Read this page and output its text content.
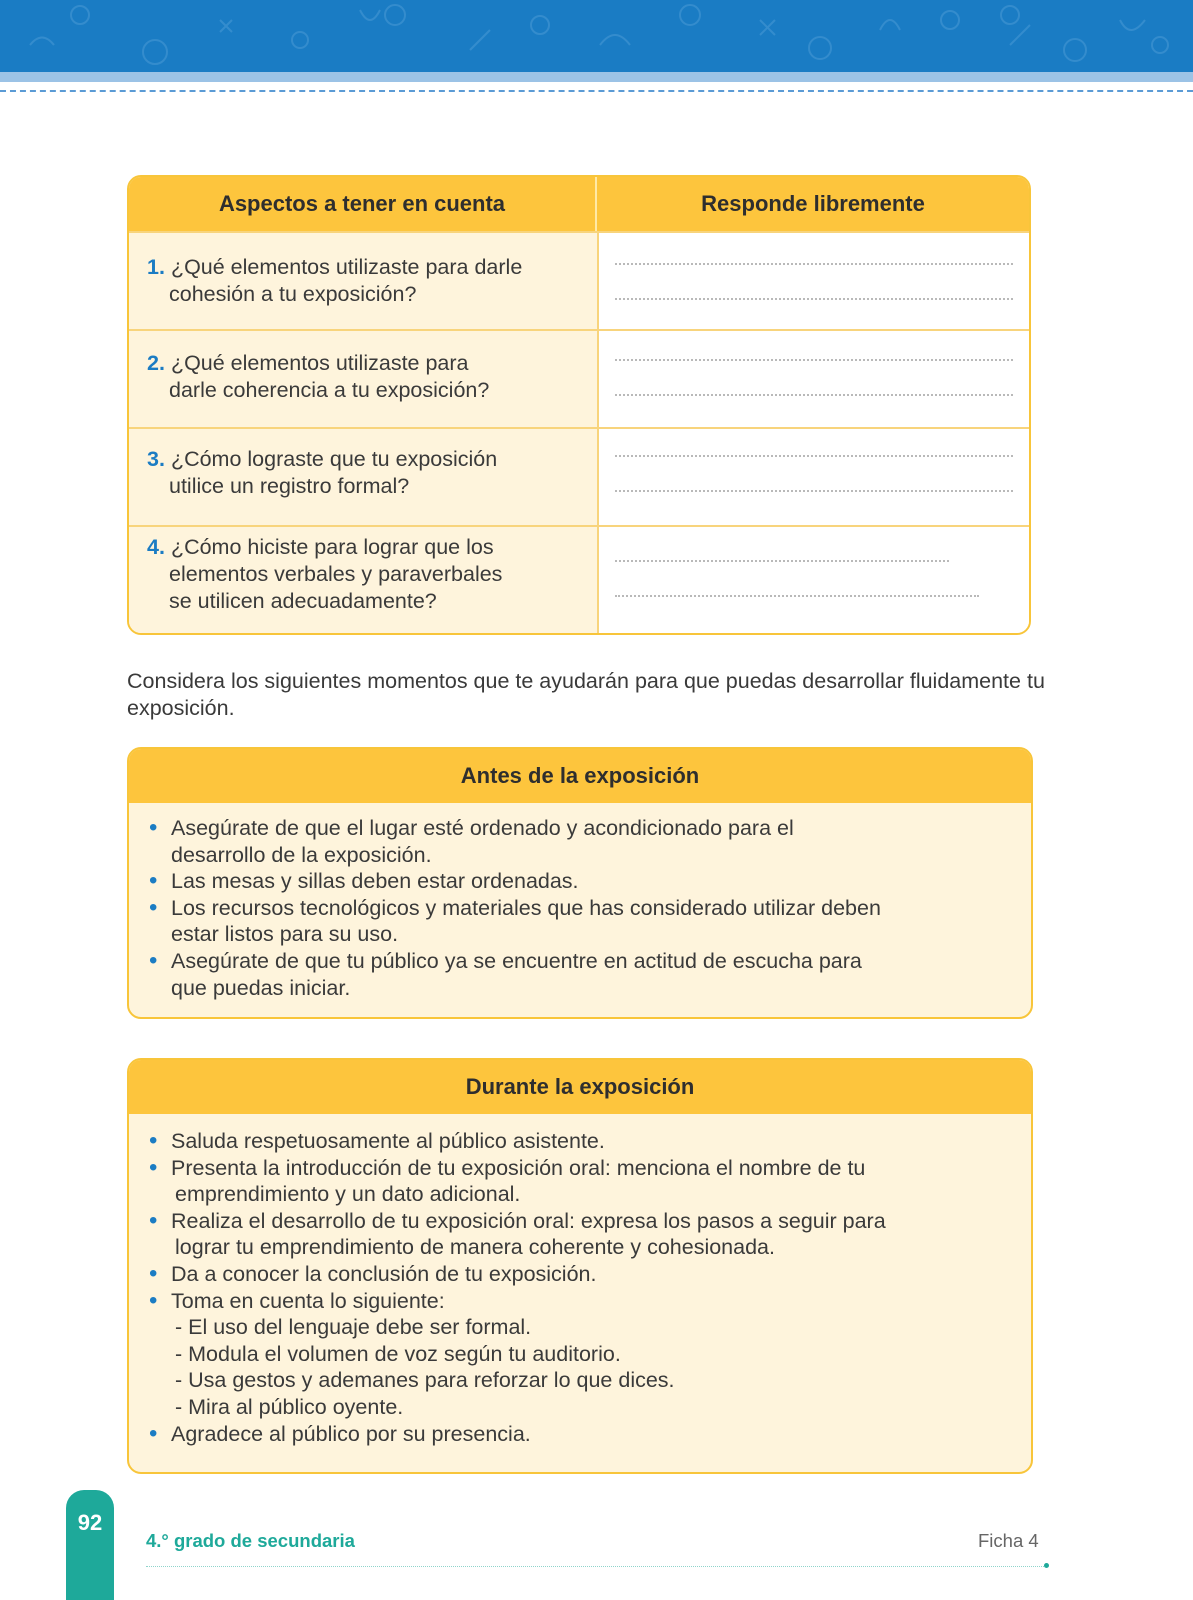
Aspectos a tener en cuenta	Responde libremente
1. ¿Qué elementos utilizaste para darle
cohesión a tu exposición?
2. ¿Qué elementos utilizaste para
darle coherencia a tu exposición?
3. ¿Cómo lograste que tu exposición
utilice un registro formal?
4. ¿Cómo hiciste para lograr que los
elementos verbales y paraverbales
se utilicen adecuadamente?
Considera los siguientes momentos que te ayudarán para que puedas desarrollar fluidamente tu exposición.
Antes de la exposición
• Asegúrate de que el lugar esté ordenado y acondicionado para el
desarrollo de la exposición.
• Las mesas y sillas deben estar ordenadas.
• Los recursos tecnológicos y materiales que has considerado utilizar deben
estar listos para su uso.
• Asegúrate de que tu público ya se encuentre en actitud de escucha para
que puedas iniciar.
Durante la exposición
• Saluda respetuosamente al público asistente.
• Presenta la introducción de tu exposición oral: menciona el nombre de tu
emprendimiento y un dato adicional.
• Realiza el desarrollo de tu exposición oral: expresa los pasos a seguir para
lograr tu emprendimiento de manera coherente y cohesionada.
• Da a conocer la conclusión de tu exposición.
• Toma en cuenta lo siguiente:
- El uso del lenguaje debe ser formal.
- Modula el volumen de voz según tu auditorio.
- Usa gestos y ademanes para reforzar lo que dices.
- Mira al público oyente.
• Agradece al público por su presencia.
92
4.° grado de secundaria	Ficha 4
